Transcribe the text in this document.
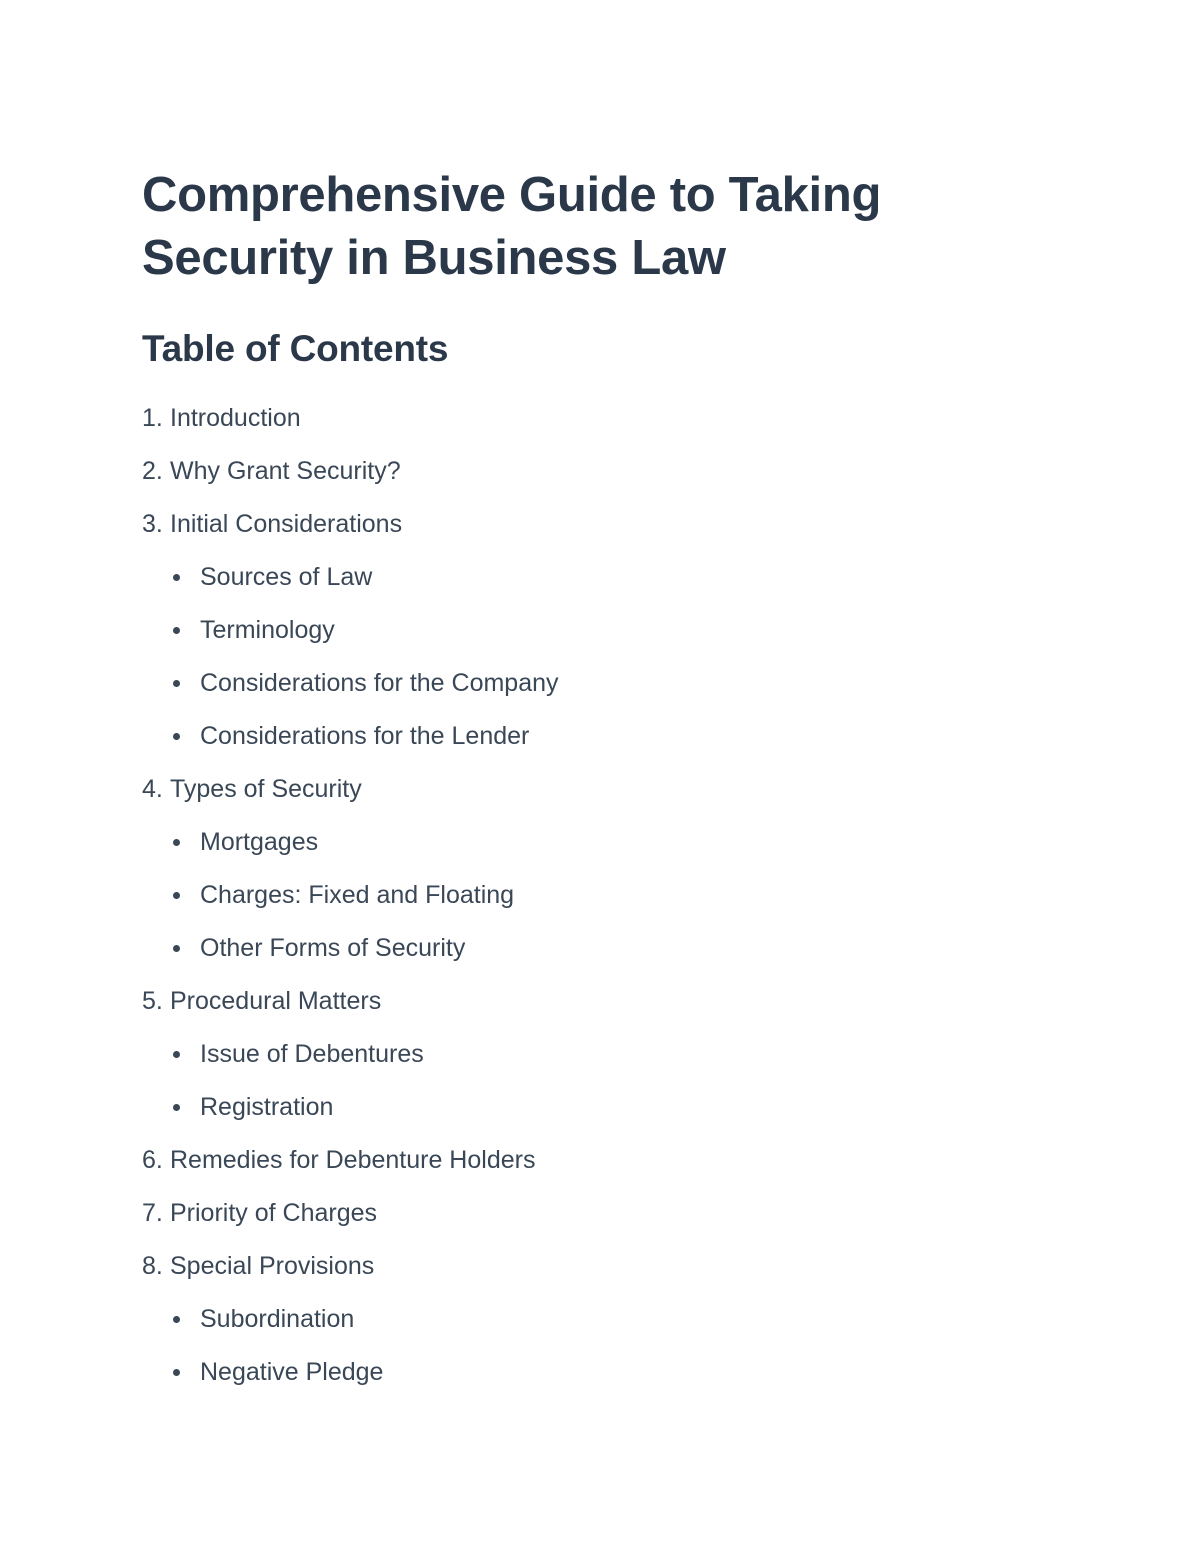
Comprehensive Guide to Taking Security in Business Law
Table of Contents
1. Introduction
2. Why Grant Security?
3. Initial Considerations
Sources of Law
Terminology
Considerations for the Company
Considerations for the Lender
4. Types of Security
Mortgages
Charges: Fixed and Floating
Other Forms of Security
5. Procedural Matters
Issue of Debentures
Registration
6. Remedies for Debenture Holders
7. Priority of Charges
8. Special Provisions
Subordination
Negative Pledge
